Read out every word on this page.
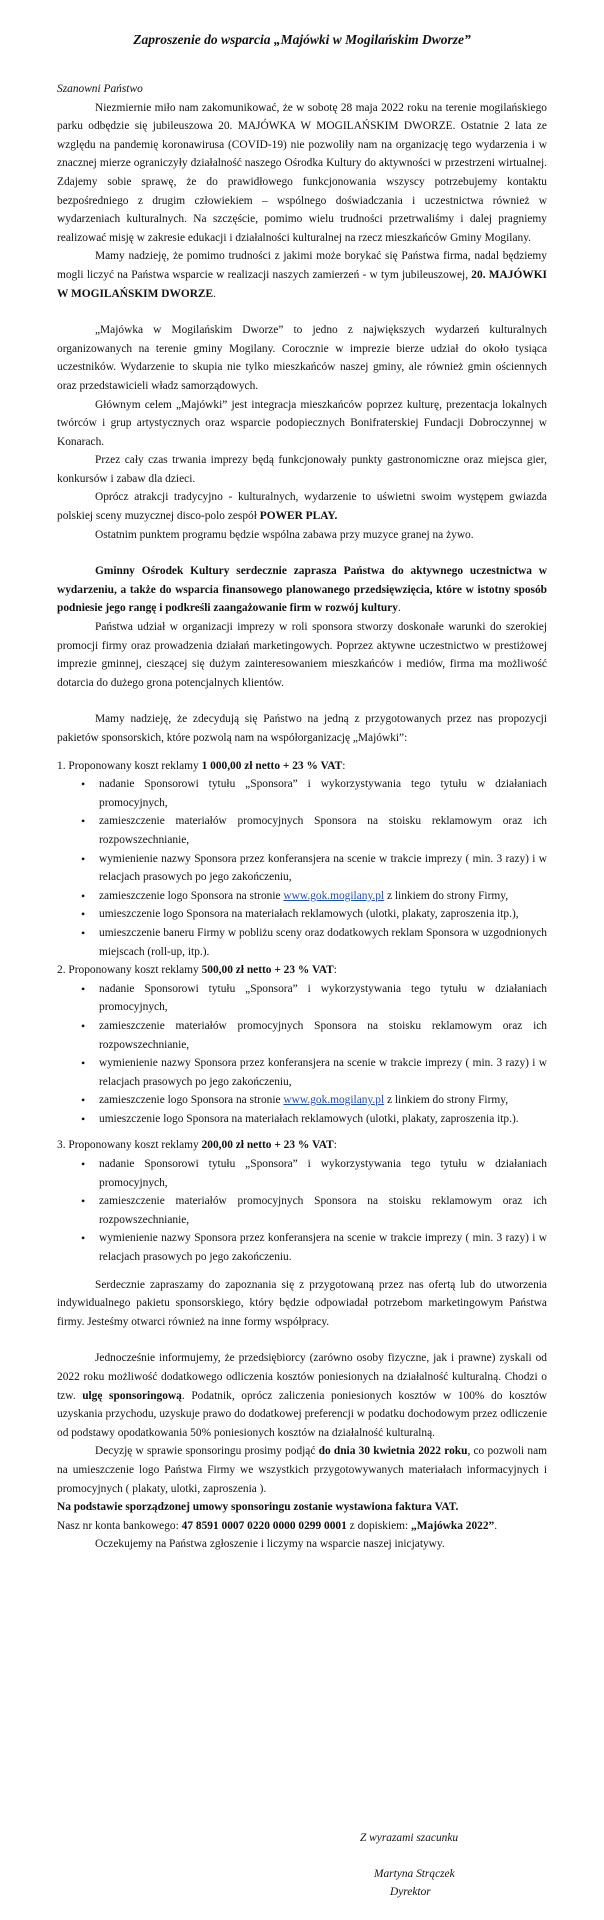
Zaproszenie do wsparcia „Majówki w Mogilańskim Dworze”

Szanowni Państwo

Niezmiernie miło nam zakomunikować, że w sobotę 28 maja 2022 roku na terenie mogilańskiego parku odbędzie się jubileuszowa 20. MAJÓWKA W MOGILAŃSKIM DWORZE. Ostatnie 2 lata ze względu na pandemię koronawirusa (COVID-19) nie pozwoliły nam na organizację tego wydarzenia i w znacznej mierze ograniczyły działalność naszego Ośrodka Kultury do aktywności w przestrzeni wirtualnej. Zdajemy sobie sprawę, że do prawidłowego funkcjonowania wszyscy potrzebujemy kontaktu bezpośredniego z drugim człowiekiem – wspólnego doświadczania i uczestnictwa również w wydarzeniach kulturalnych. Na szczęście, pomimo wielu trudności przetrwaliśmy i dalej pragniemy realizować misję w zakresie edukacji i działalności kulturalnej na rzecz mieszkańców Gminy Mogilany.

Mamy nadzieję, że pomimo trudności z jakimi może borykać się Państwa firma, nadal będziemy mogli liczyć na Państwa wsparcie w realizacji naszych zamierzeń - w tym jubileuszowej, 20. MAJÓWKI W MOGILAŃSKIM DWORZE.

„Majówka w Mogilańskim Dworze” to jedno z największych wydarzeń kulturalnych organizowanych na terenie gminy Mogilany. Corocznie w imprezie bierze udział do około tysiąca uczestników. Wydarzenie to skupia nie tylko mieszkańców naszej gminy, ale również gmin ościennych oraz przedstawicieli władz samorządowych.

Głównym celem „Majówki” jest integracja mieszkańców poprzez kulturę, prezentacja lokalnych twórców i grup artystycznych oraz wsparcie podopiecznych Bonifraterskiej Fundacji Dobroczynnej w Konarach.

Przez cały czas trwania imprezy będą funkcjonowały punkty gastronomiczne oraz miejsca gier, konkursów i zabaw dla dzieci.

Oprócz atrakcji tradycyjno - kulturalnych, wydarzenie to uświetni swoim występem gwiazda polskiej sceny muzycznej disco-polo zespół POWER PLAY.

Ostatnim punktem programu będzie wspólna zabawa przy muzyce granej na żywo.

Gminny Ośrodek Kultury serdecznie zaprasza Państwa do aktywnego uczestnictwa w wydarzeniu, a także do wsparcia finansowego planowanego przedsięwzięcia, które w istotny sposób podniesie jego rangę i podkreśli zaangażowanie firm w rozwój kultury.

Państwa udział w organizacji imprezy w roli sponsora stworzy doskonałe warunki do szerokiej promocji firmy oraz prowadzenia działań marketingowych. Poprzez aktywne uczestnictwo w prestiżowej imprezie gminnej, cieszącej się dużym zainteresowaniem mieszkańców i mediów, firma ma możliwość dotarcia do dużego grona potencjalnych klientów.

Mamy nadzieję, że zdecydują się Państwo na jedną z przygotowanych przez nas propozycji pakietów sponsorskich, które pozwolą nam na współorganizację „Majówki”:

1. Proponowany koszt reklamy 1 000,00 zł netto + 23 % VAT:

• nadanie Sponsorowi tytułu „Sponsora” i wykorzystywania tego tytułu w działaniach promocyjnych,
• zamieszczenie materiałów promocyjnych Sponsora na stoisku reklamowym oraz ich rozpowszechnianie,
• wymienienie nazwy Sponsora przez konferansjera na scenie w trakcie imprezy ( min. 3 razy) i w relacjach prasowych po jego zakończeniu,
• zamieszczenie logo Sponsora na stronie www.gok.mogilany.pl z linkiem do strony Firmy,
• umieszczenie logo Sponsora na materiałach reklamowych (ulotki, plakaty, zaproszenia itp.),
• umieszczenie baneru Firmy w pobliżu sceny oraz dodatkowych reklam Sponsora w uzgodnionych miejscach (roll-up, itp.).

2. Proponowany koszt reklamy 500,00 zł netto + 23 % VAT:

• nadanie Sponsorowi tytułu „Sponsora” i wykorzystywania tego tytułu w działaniach promocyjnych,
• zamieszczenie materiałów promocyjnych Sponsora na stoisku reklamowym oraz ich rozpowszechnianie,
• wymienienie nazwy Sponsora przez konferansjera na scenie w trakcie imprezy ( min. 3 razy) i w relacjach prasowych po jego zakończeniu,
• zamieszczenie logo Sponsora na stronie www.gok.mogilany.pl z linkiem do strony Firmy,
• umieszczenie logo Sponsora na materiałach reklamowych (ulotki, plakaty, zaproszenia itp.).

3. Proponowany koszt reklamy 200,00 zł netto + 23 % VAT:

• nadanie Sponsorowi tytułu „Sponsora” i wykorzystywania tego tytułu w działaniach promocyjnych,
• zamieszczenie materiałów promocyjnych Sponsora na stoisku reklamowym oraz ich rozpowszechnianie,
• wymienienie nazwy Sponsora przez konferansjera na scenie w trakcie imprezy ( min. 3 razy) i w relacjach prasowych po jego zakończeniu.

Serdecznie zapraszamy do zapoznania się z przygotowaną przez nas ofertą lub do utworzenia indywidualnego pakietu sponsorskiego, który będzie odpowiadał potrzebom marketingowym Państwa firmy. Jesteśmy otwarci również na inne formy współpracy.

Jednocześnie informujemy, że przedsiębiorcy (zarówno osoby fizyczne, jak i prawne) zyskali od 2022 roku możliwość dodatkowego odliczenia kosztów poniesionych na działalność kulturalną. Chodzi o tzw. ulgę sponsoringową. Podatnik, oprócz zaliczenia poniesionych kosztów w 100% do kosztów uzyskania przychodu, uzyskuje prawo do dodatkowej preferencji w podatku dochodowym przez odliczenie od podstawy opodatkowania 50% poniesionych kosztów na działalność kulturalną.

Decyzję w sprawie sponsoringu prosimy podjąć do dnia 30 kwietnia 2022 roku, co pozwoli nam na umieszczenie logo Państwa Firmy we wszystkich przygotowywanych materiałach informacyjnych i promocyjnych ( plakaty, ulotki, zaproszenia ).

Na podstawie sporządzonej umowy sponsoringu zostanie wystawiona faktura VAT.

Nasz nr konta bankowego: 47 8591 0007 0220 0000 0299 0001 z dopiskiem: „Majówka 2022”.

Oczekujemy na Państwa zgłoszenie i liczymy na wsparcie naszej inicjatywy.

Z wyrazami szacunku
Martyna Strączek
Dyrektor
